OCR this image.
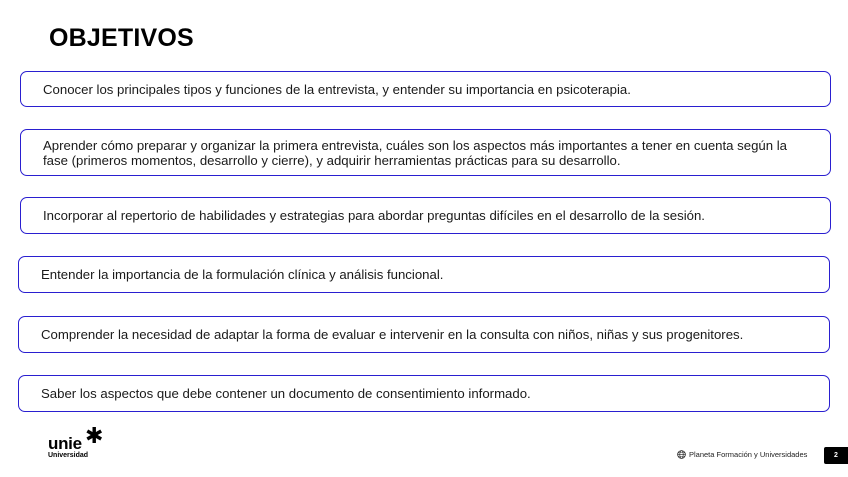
OBJETIVOS
Conocer los principales tipos y funciones de la entrevista, y entender su importancia en psicoterapia.
Aprender cómo preparar y organizar la primera entrevista, cuáles son los aspectos más importantes a tener en cuenta según la fase (primeros momentos, desarrollo y cierre), y adquirir herramientas prácticas para su desarrollo.
Incorporar al repertorio de habilidades y estrategias para abordar preguntas difíciles en el desarrollo de la sesión.
Entender la importancia de la formulación clínica y análisis funcional.
Comprender la necesidad de adaptar la forma de evaluar e intervenir en la consulta con niños, niñas y sus progenitores.
Saber los aspectos que debe contener un documento de consentimiento informado.
unie ✱
Universidad	Planeta Formación y Universidades	2
